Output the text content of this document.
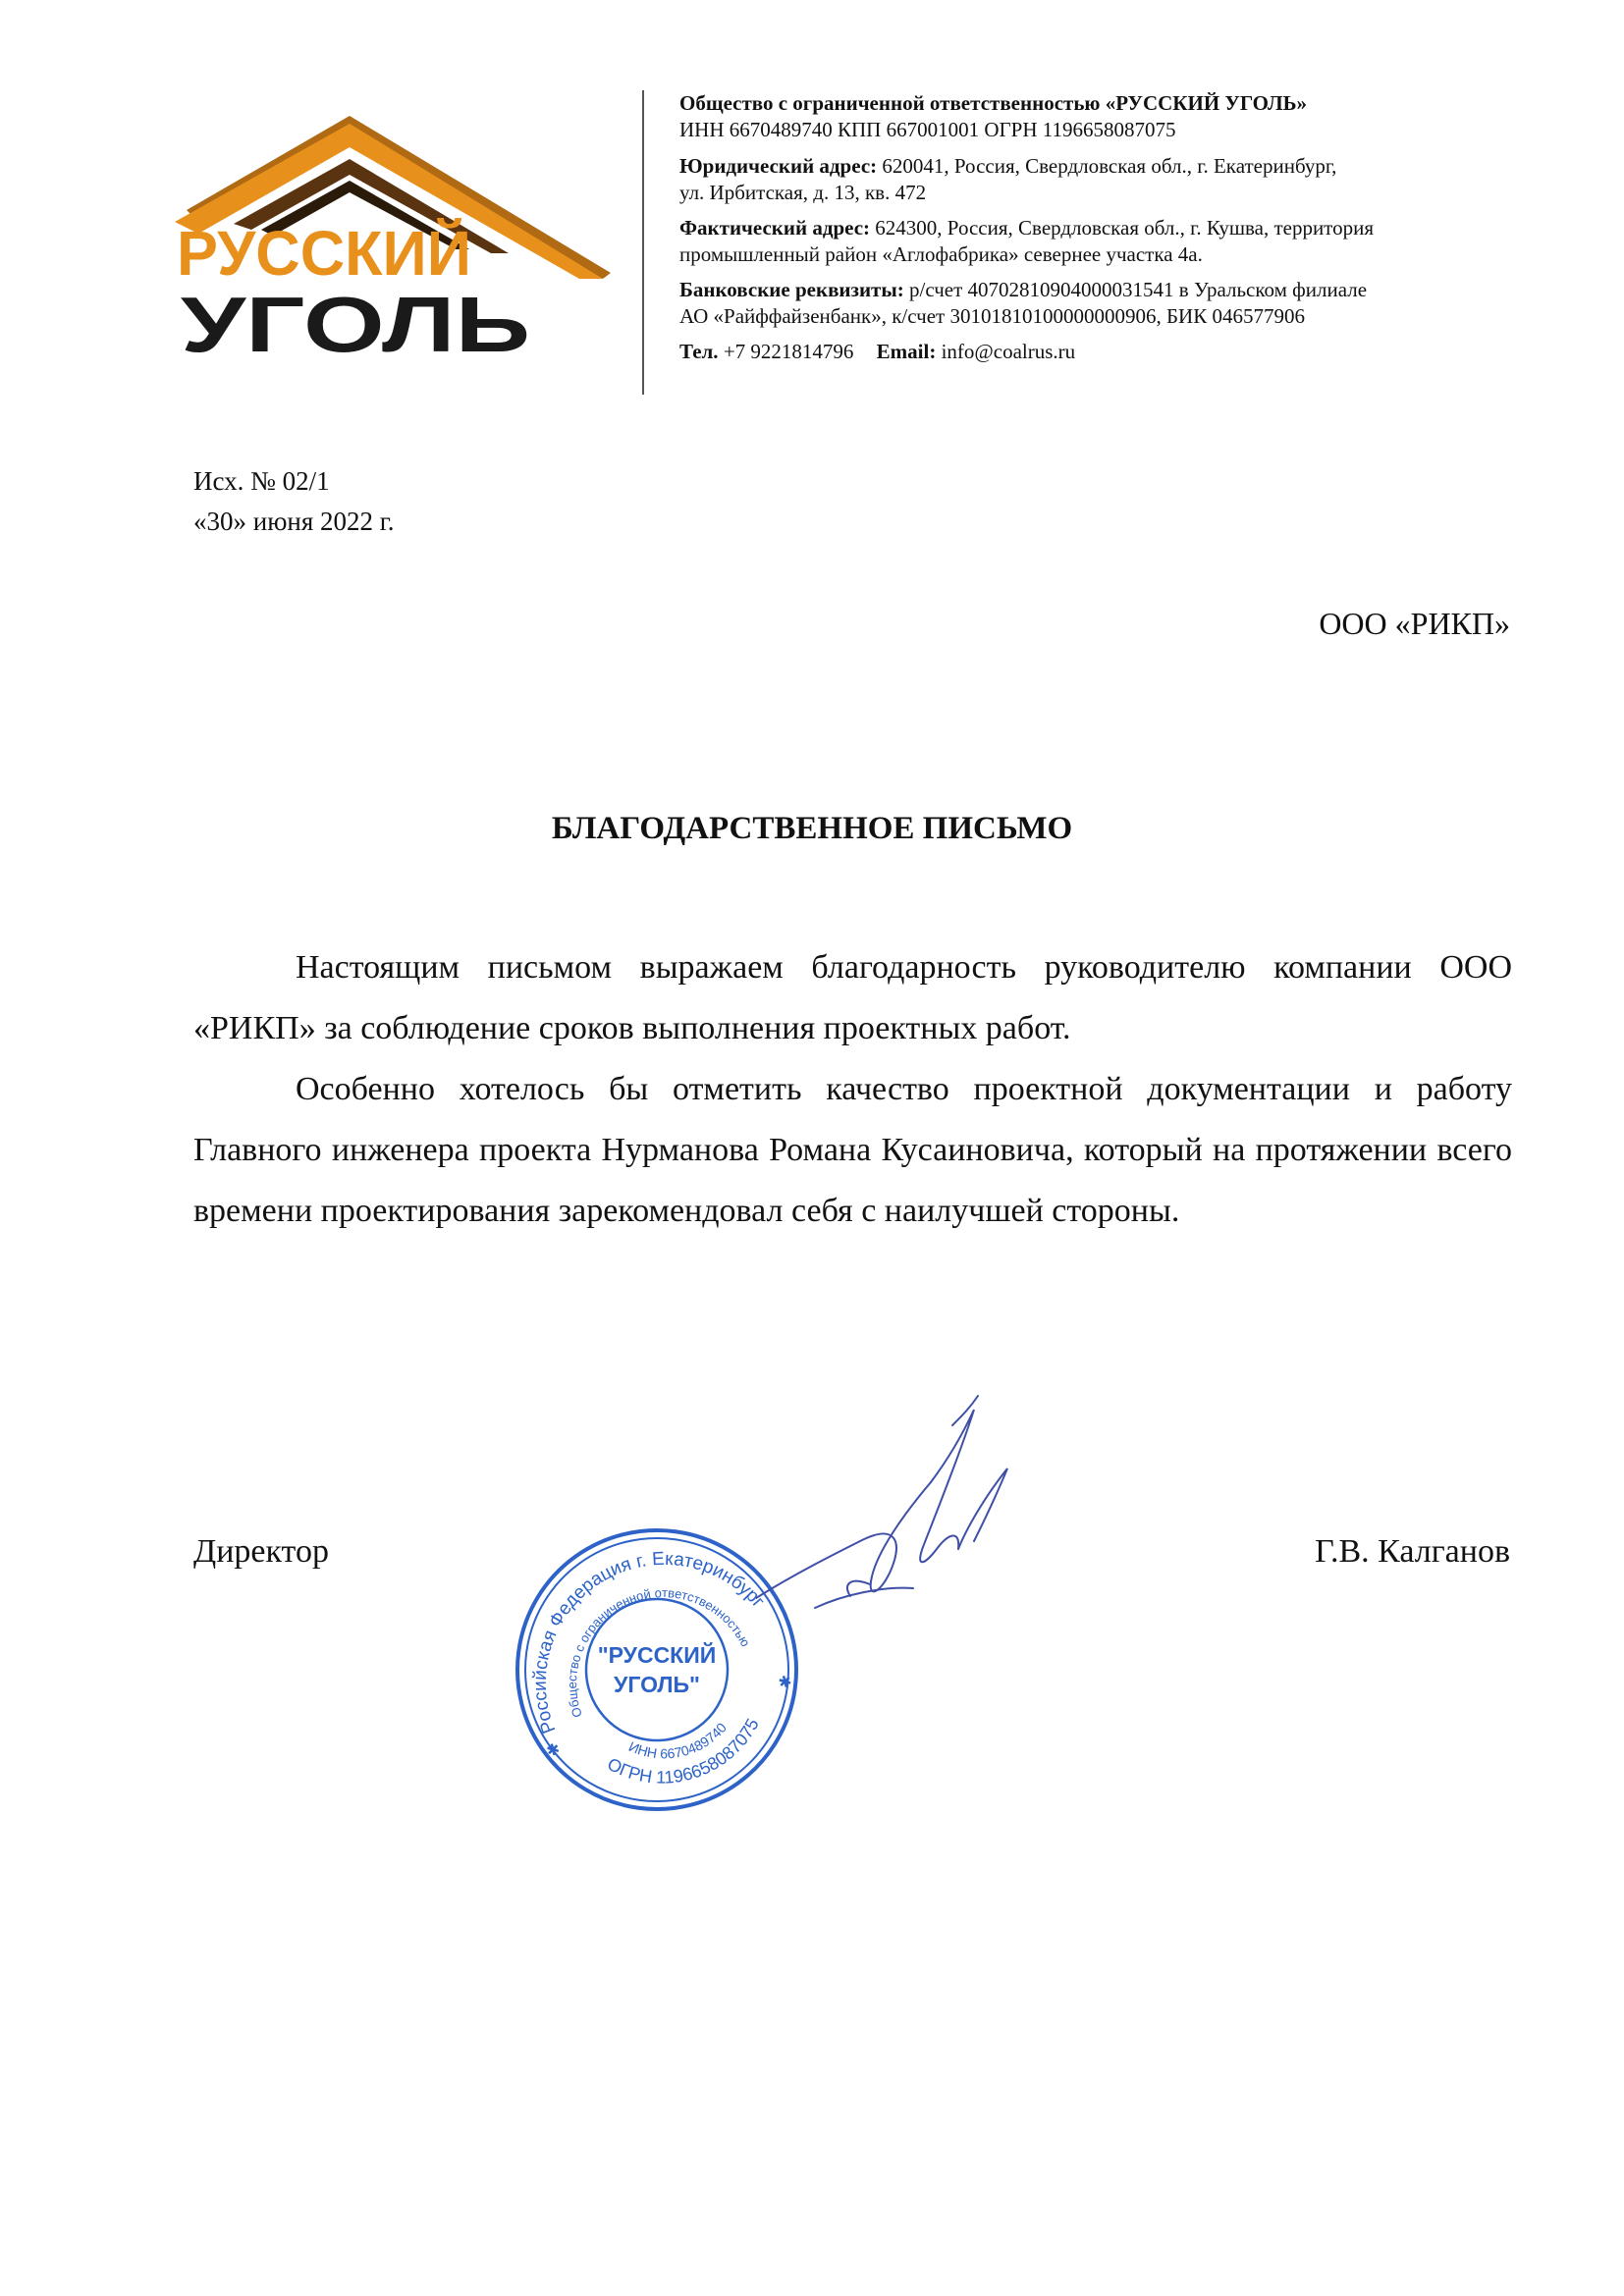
РУССКИЙ
УГОЛЬ

Общество с ограниченной ответственностью «РУССКИЙ УГОЛЬ»
ИНН 6670489740 КПП 667001001 ОГРН 1196658087075

Юридический адрес: 620041, Россия, Свердловская обл., г. Екатеринбург,
ул. Ирбитская, д. 13, кв. 472

Фактический адрес: 624300, Россия, Свердловская обл., г. Кушва, территория
промышленный район «Аглофабрика» севернее участка 4а.

Банковские реквизиты: р/счет 40702810904000031541 в Уральском филиале
АО «Райффайзенбанк», к/счет 30101810100000000906, БИК 046577906

Тел. +7 9221814796 Email: info@coalrus.ru

Исх. № 02/1
«30» июня 2022 г.
ООО «РИКП»
БЛАГОДАРСТВЕННОЕ ПИСЬМО

Настоящим письмом выражаем благодарность руководителю компании ООО «РИКП» за соблюдение сроков выполнения проектных работ.

Особенно хотелось бы отметить качество проектной документации и работу Главного инженера проекта Нурманова Романа Кусаиновича, который на протяжении всего времени проектирования зарекомендовал себя с наилучшей стороны.

Директор	Г.В. Калганов
Российская Федерация г. Екатеринбург
Общество с ограниченной ответственностью
ОГРН 1196658087075
ИНН 6670489740
✱
✱
"РУССКИЙ
УГОЛЬ"
